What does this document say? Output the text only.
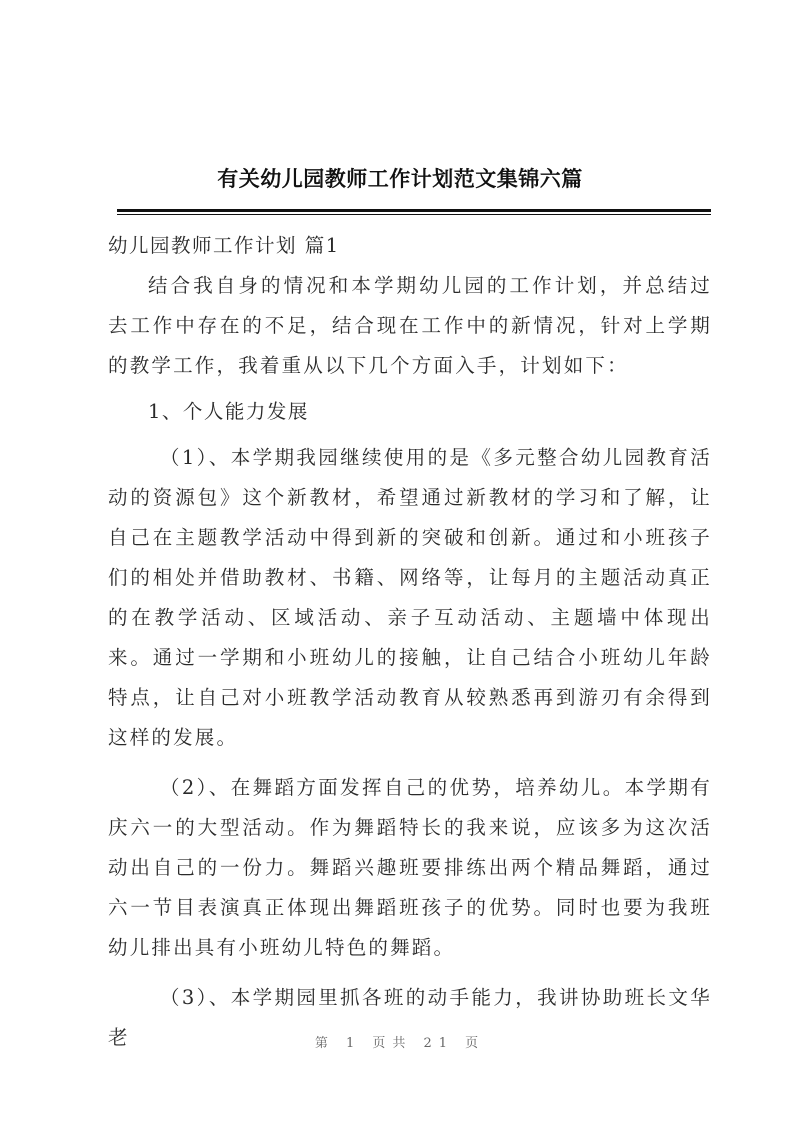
有关幼儿园教师工作计划范文集锦六篇

幼儿园教师工作计划 篇1

结合我自身的情况和本学期幼儿园的工作计划，并总结过去工作中存在的不足，结合现在工作中的新情况，针对上学期的教学工作，我着重从以下几个方面入手，计划如下：

1、个人能力发展

（1）、本学期我园继续使用的是《多元整合幼儿园教育活动的资源包》这个新教材，希望通过新教材的学习和了解，让自己在主题教学活动中得到新的突破和创新。通过和小班孩子们的相处并借助教材、书籍、网络等，让每月的主题活动真正的在教学活动、区域活动、亲子互动活动、主题墙中体现出来。通过一学期和小班幼儿的接触，让自己结合小班幼儿年龄特点，让自己对小班教学活动教育从较熟悉再到游刃有余得到这样的发展。

（2）、在舞蹈方面发挥自己的优势，培养幼儿。本学期有庆六一的大型活动。作为舞蹈特长的我来说，应该多为这次活动出自己的一份力。舞蹈兴趣班要排练出两个精品舞蹈，通过六一节目表演真正体现出舞蹈班孩子的优势。同时也要为我班幼儿排出具有小班幼儿特色的舞蹈。

（3）、本学期园里抓各班的动手能力，我讲协助班长文华老	第 1 页共 21 页
